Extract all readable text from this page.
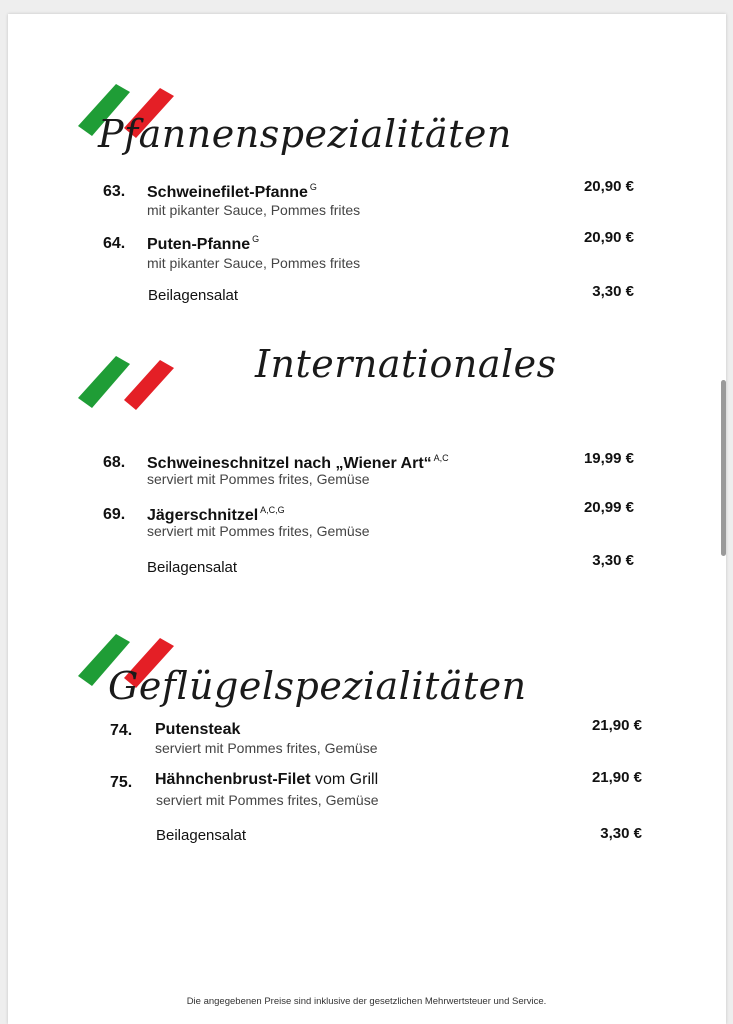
Pfannenspezialitäten
63. Schweinefilet-Pfanne $^G$
mit pikanter Sauce, Pommes frites
20,90 €
64. Puten-Pfanne $^G$
mit pikanter Sauce, Pommes frites
20,90 €
Beilagensalat	3,30 €
Internationales
68. Schweineschnitzel nach „Wiener Art“ $^{A,C}$
serviert mit Pommes frites, Gemüse
19,99 €
69. Jägerschnitzel $^{A,C,G}$
serviert mit Pommes frites, Gemüse
20,99 €
Beilagensalat	3,30 €
Geflügelspezialitäten
74. Putensteak
serviert mit Pommes frites, Gemüse
21,90 €
75. Hähnchenbrust-Filet vom Grill
serviert mit Pommes frites, Gemüse
21,90 €
Beilagensalat	3,30 €
Die angegebenen Preise sind inklusive der gesetzlichen Mehrwertsteuer und Service.
